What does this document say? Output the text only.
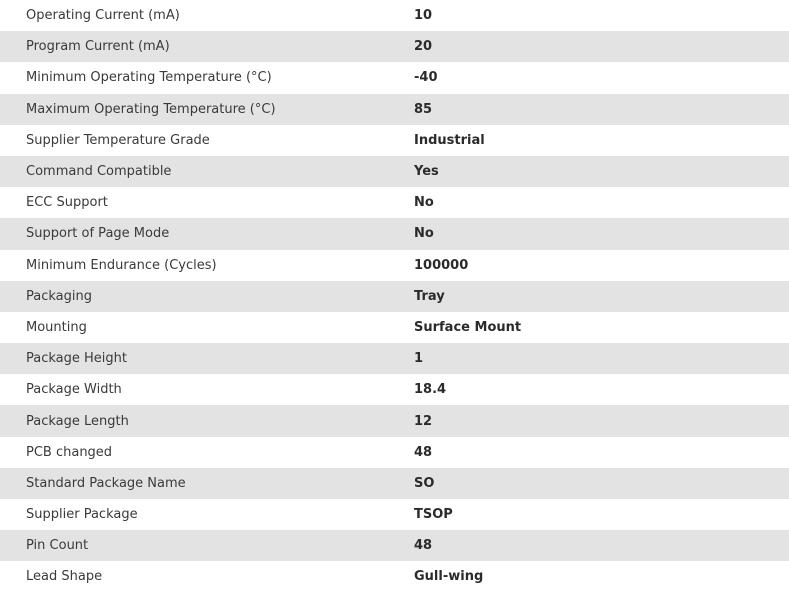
Operating Current (mA)	10
Program Current (mA)	20
Minimum Operating Temperature (°C)	-40
Maximum Operating Temperature (°C)	85
Supplier Temperature Grade	Industrial
Command Compatible	Yes
ECC Support	No
Support of Page Mode	No
Minimum Endurance (Cycles)	100000
Packaging	Tray
Mounting	Surface Mount
Package Height	1
Package Width	18.4
Package Length	12
PCB changed	48
Standard Package Name	SO
Supplier Package	TSOP
Pin Count	48
Lead Shape	Gull-wing
